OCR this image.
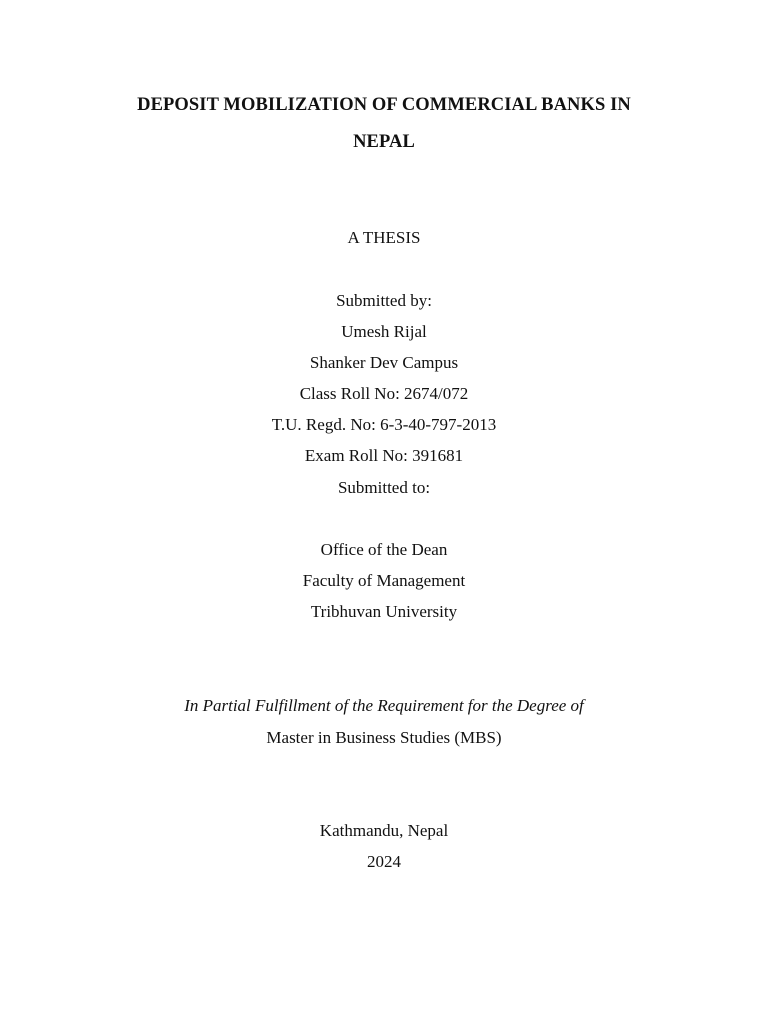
DEPOSIT MOBILIZATION OF COMMERCIAL BANKS IN
NEPAL
A THESIS
Submitted by:
Umesh Rijal
Shanker Dev Campus
Class Roll No: 2674/072
T.U. Regd. No: 6-3-40-797-2013
Exam Roll No: 391681
Submitted to:
Office of the Dean
Faculty of Management
Tribhuvan University
In Partial Fulfillment of the Requirement for the Degree of
Master in Business Studies (MBS)
Kathmandu, Nepal
2024
